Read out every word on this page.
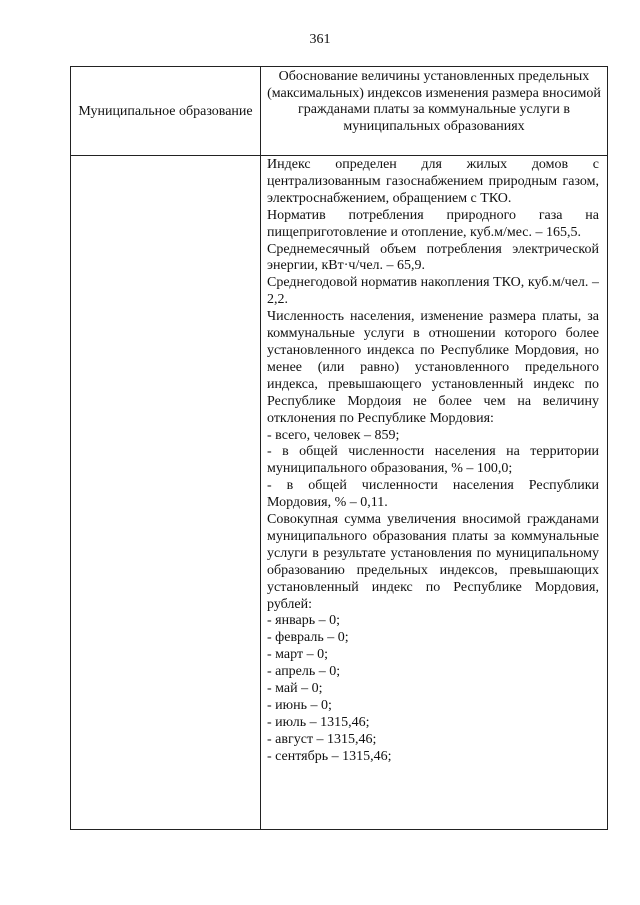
361
Муниципальное образование
Обоснование величины установленных предельных (максимальных) индексов изменения размера вносимой гражданами платы за коммунальные услуги в муниципальных образованиях

Индекс определен для жилых домов с централизованным газоснабжением природным газом, электроснабжением, обращением с ТКО.

Норматив потребления природного газа на пищеприготовление и отопление, куб.м/мес. – 165,5.

Среднемесячный объем потребления электрической энергии, кВт·ч/чел. – 65,9.

Среднегодовой норматив накопления ТКО, куб.м/чел. – 2,2.

Численность населения, изменение размера платы, за коммунальные услуги в отношении которого более установленного индекса по Республике Мордовия, но менее (или равно) установленного предельного индекса, превышающего установленный индекс по Республике Мордоия не более чем на величину отклонения по Республике Мордовия:

- всего, человек – 859;

- в общей численности населения на территории муниципального образования, % – 100,0;

- в общей численности населения Республики Мордовия, % – 0,11.

Совокупная сумма увеличения вносимой гражданами муниципального образования платы за коммунальные услуги в результате установления по муниципальному образованию предельных индексов, превышающих установленный индекс по Республике Мордовия, рублей:

- январь – 0;

- февраль – 0;

- март – 0;

- апрель – 0;

- май – 0;

- июнь – 0;

- июль – 1315,46;

- август – 1315,46;

- сентябрь – 1315,46;
